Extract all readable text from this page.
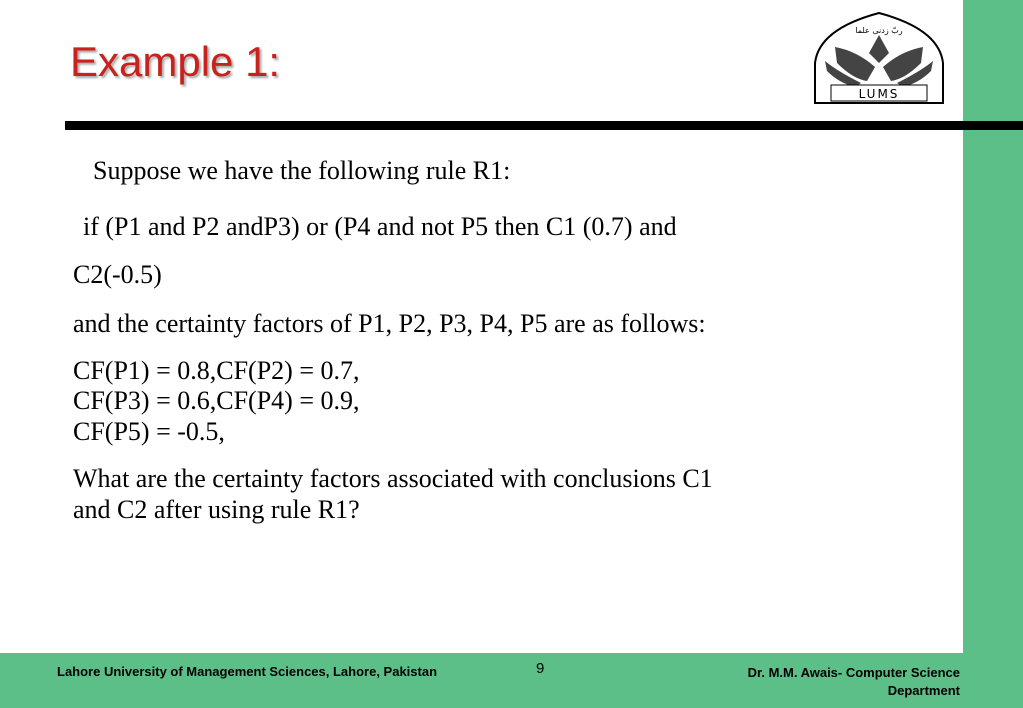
Example 1:
ربّ زدنی علما
LUMS
Suppose we have the following rule R1:
if (P1 and P2 andP3) or (P4 and not P5 then C1 (0.7) and
C2(-0.5)
and the certainty factors of P1, P2, P3, P4, P5 are as follows:
CF(P1) = 0.8,CF(P2) = 0.7,
CF(P3) = 0.6,CF(P4) = 0.9,
CF(P5) = -0.5,
What are the certainty factors associated with conclusions C1
and C2 after using rule R1?
Lahore University of Management Sciences, Lahore, Pakistan	9	Dr. M.M. Awais- Computer Science Department
